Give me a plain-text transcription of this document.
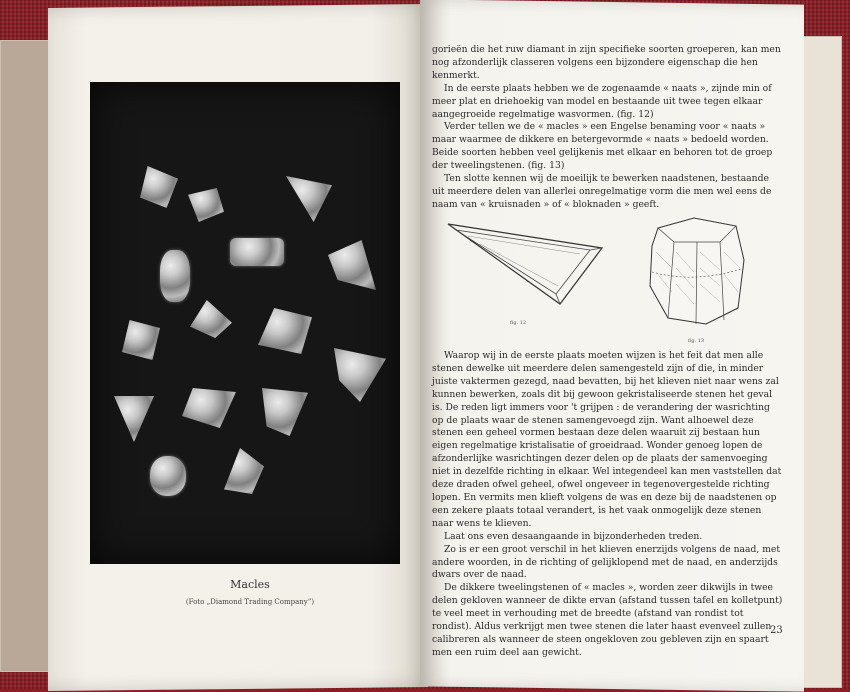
Macles
(Foto „Diamond Trading Company”)

gorieën die het ruw diamant in zijn specifieke soorten groeperen, kan men nog afzonderlijk classeren volgens een bijzondere eigenschap die hen kenmerkt.

In de eerste plaats hebben we de zogenaamde « naats », zijnde min of meer plat en driehoekig van model en bestaande uit twee tegen elkaar aangegroeide regelmatige wasvormen. (fig. 12)

Verder tellen we de « macles » een Engelse benaming voor « naats » maar waarmee de dikkere en betergevormde « naats » bedoeld worden. Beide soorten hebben veel gelijkenis met elkaar en behoren tot de groep der tweelingstenen. (fig. 13)

Ten slotte kennen wij de moeilijk te bewerken naadstenen, bestaande uit meerdere delen van allerlei onregelmatige vorm die men wel eens de naam van « kruisnaden » of « bloknaden » geeft.

fig. 12
fig. 13

Waarop wij in de eerste plaats moeten wijzen is het feit dat men alle stenen dewelke uit meerdere delen samengesteld zijn of die, in minder juiste vaktermen gezegd, naad bevatten, bij het klieven niet naar wens zal kunnen bewerken, zoals dit bij gewoon gekristaliseerde stenen het geval is. De reden ligt immers voor 't grijpen : de verandering der wasrichting op de plaats waar de stenen samengevoegd zijn. Want alhoewel deze stenen een geheel vormen bestaan deze delen waaruit zij bestaan hun eigen regelmatige kristalisatie of groeidraad. Wonder genoeg lopen de afzonderlijke wasrichtingen dezer delen op de plaats der samenvoeging niet in dezelfde richting in elkaar. Wel integendeel kan men vaststellen dat deze draden ofwel geheel, ofwel ongeveer in tegenovergestelde richting lopen. En vermits men klieft volgens de was en deze bij de naadstenen op een zekere plaats totaal verandert, is het vaak onmogelijk deze stenen naar wens te klieven.

Laat ons even desaangaande in bijzonderheden treden.

Zo is er een groot verschil in het klieven enerzijds volgens de naad, met andere woorden, in de richting of gelijklopend met de naad, en anderzijds dwars over de naad.

De dikkere tweelingstenen of « macles », worden zeer dikwijls in twee delen gekloven wanneer de dikte ervan (afstand tussen tafel en kolletpunt) te veel meet in verhouding met de breedte (afstand van rondist tot rondist). Aldus verkrijgt men twee stenen die later haast evenveel zullen calibreren als wanneer de steen ongekloven zou gebleven zijn en spaart men een ruim deel aan gewicht.

23
